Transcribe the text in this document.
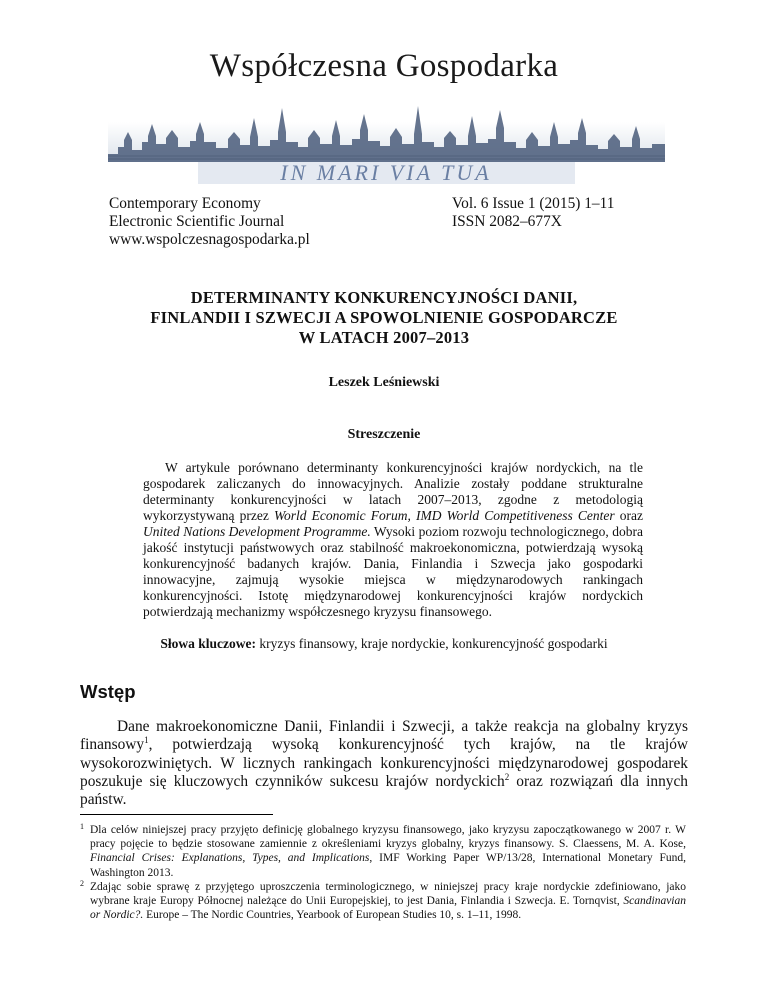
Współczesna Gospodarka
IN MARI VIA TUA
Contemporary Economy
Electronic Scientific Journal
www.wspolczesnagospodarka.pl
Vol. 6 Issue 1 (2015) 1–11
ISSN 2082–677X
DETERMINANTY KONKURENCYJNOŚCI DANII,
FINLANDII I SZWECJI A SPOWOLNIENIE GOSPODARCZE
W LATACH 2007–2013
Leszek Leśniewski
Streszczenie
W artykule porównano determinanty konkurencyjności krajów nordyckich, na tle gospodarek zaliczanych do innowacyjnych. Analizie zostały poddane strukturalne determinanty konkurencyjności w latach 2007–2013, zgodne z metodologią wykorzystywaną przez World Economic Forum, IMD World Competitiveness Center oraz United Nations Development Programme. Wysoki poziom rozwoju technologicznego, dobra jakość instytucji państwowych oraz stabilność makroekonomiczna, potwierdzają wysoką konkurencyjność badanych krajów. Dania, Finlandia i Szwecja jako gospodarki innowacyjne, zajmują wysokie miejsca w międzynarodowych rankingach konkurencyjności. Istotę międzynarodowej konkurencyjności krajów nordyckich potwierdzają mechanizmy współczesnego kryzysu finansowego.
Słowa kluczowe: kryzys finansowy, kraje nordyckie, konkurencyjność gospodarki
Wstęp
Dane makroekonomiczne Danii, Finlandii i Szwecji, a także reakcja na globalny kryzys finansowy$^1$, potwierdzają wysoką konkurencyjność tych krajów, na tle krajów wysokorozwiniętych. W licznych rankingach konkurencyjności międzynarodowej gospodarek poszukuje się kluczowych czynników sukcesu krajów nordyckich$^2$ oraz rozwiązań dla innych państw.
1 Dla celów niniejszej pracy przyjęto definicję globalnego kryzysu finansowego, jako kryzysu zapoczątkowanego w 2007 r. W pracy pojęcie to będzie stosowane zamiennie z określeniami kryzys globalny, kryzys finansowy. S. Claessens, M. A. Kose, Financial Crises: Explanations, Types, and Implications, IMF Working Paper WP/13/28, International Monetary Fund, Washington 2013.
2 Zdając sobie sprawę z przyjętego uproszczenia terminologicznego, w niniejszej pracy kraje nordyckie zdefiniowano, jako wybrane kraje Europy Północnej należące do Unii Europejskiej, to jest Dania, Finlandia i Szwecja. E. Tornqvist, Scandinavian or Nordic?. Europe – The Nordic Countries, Yearbook of European Studies 10, s. 1–11, 1998.
